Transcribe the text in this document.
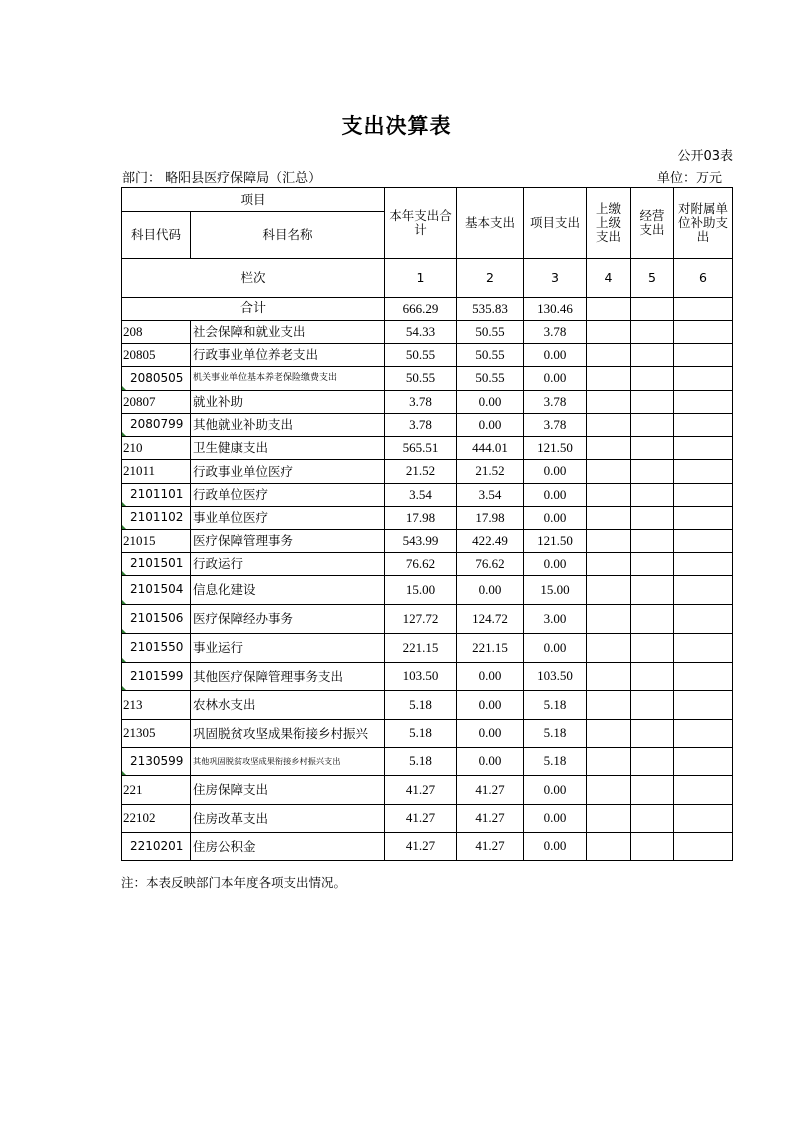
支出决算表
公开03表
部门： 略阳县医疗保障局（汇总）	单位：万元
项目		本年支出合计	基本支出	项目支出	上缴上级支出	经营支出	对附属单位补助支出
科目代码	科目名称						
栏次		1	2	3	4	5	6
合计		666.29	535.83	130.46			
208	社会保障和就业支出	54.33	50.55	3.78			
20805	行政事业单位养老支出	50.55	50.55	0.00			
2080505	机关事业单位基本养老保险缴费支出	50.55	50.55	0.00			
20807	就业补助	3.78	0.00	3.78			
2080799	其他就业补助支出	3.78	0.00	3.78			
210	卫生健康支出	565.51	444.01	121.50			
21011	行政事业单位医疗	21.52	21.52	0.00			
2101101	行政单位医疗	3.54	3.54	0.00			
2101102	事业单位医疗	17.98	17.98	0.00			
21015	医疗保障管理事务	543.99	422.49	121.50			
2101501	行政运行	76.62	76.62	0.00			
2101504	信息化建设	15.00	0.00	15.00			
2101506	医疗保障经办事务	127.72	124.72	3.00			
2101550	事业运行	221.15	221.15	0.00			
2101599	其他医疗保障管理事务支出	103.50	0.00	103.50			
213	农林水支出	5.18	0.00	5.18			
21305	巩固脱贫攻坚成果衔接乡村振兴	5.18	0.00	5.18			
2130599	其他巩固脱贫攻坚成果衔接乡村振兴支出	5.18	0.00	5.18			
221	住房保障支出	41.27	41.27	0.00			
22102	住房改革支出	41.27	41.27	0.00			
2210201	住房公积金	41.27	41.27	0.00			
注：本表反映部门本年度各项支出情况。
